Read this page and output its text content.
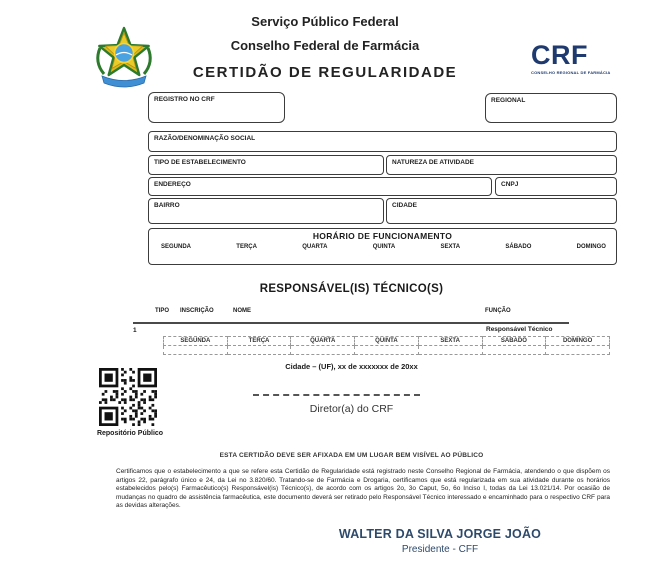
Serviço Público Federal
Conselho Federal de Farmácia
CERTIDÃO DE REGULARIDADE
CRF
CONSELHO REGIONAL DE FARMÁCIA
REGISTRO NO CRF	REGIONAL
RAZÃO/DENOMINAÇÃO SOCIAL
TIPO DE ESTABELECIMENTO	NATUREZA DE ATIVIDADE
ENDEREÇO	CNPJ
BAIRRO	CIDADE
HORÁRIO DE FUNCIONAMENTO
SEGUNDA	TERÇA	QUARTA	QUINTA	SEXTA	SÁBADO	DOMINGO
RESPONSÁVEL(IS) TÉCNICO(S)
TIPO INSCRIÇÃO	NOME	FUNÇÃO
1	Responsável Técnico
SEGUNDA	TERÇA	QUARTA	QUINTA	SEXTA	SÁBADO	DOMINGO

Repositório Público
Cidade – (UF), xx de xxxxxxx de 20xx
Diretor(a) do CRF
ESTA CERTIDÃO DEVE SER AFIXADA EM UM LUGAR BEM VISÍVEL AO PÚBLICO
Certificamos que o estabelecimento a que se refere esta Certidão de Regularidade está registrado neste Conselho Regional de Farmácia, atendendo o que dispõem os artigos 22, parágrafo único e 24, da Lei no 3.820/60. Tratando-se de Farmácia e Drogaria, certificamos que está regularizada em sua atividade durante os horários estabelecidos pelo(s) Farmacêutico(s) Responsável(is) Técnico(s), de acordo com os artigos 2o, 3o Caput, 5o, 6o Inciso I, todas da Lei 13.021/14. Por ocasião de mudanças no quadro de assistência farmacêutica, este documento deverá ser retirado pelo Responsável Técnico interessado e encaminhado para o respectivo CRF para as devidas alterações.
WALTER DA SILVA JORGE JOÃO
Presidente - CFF
